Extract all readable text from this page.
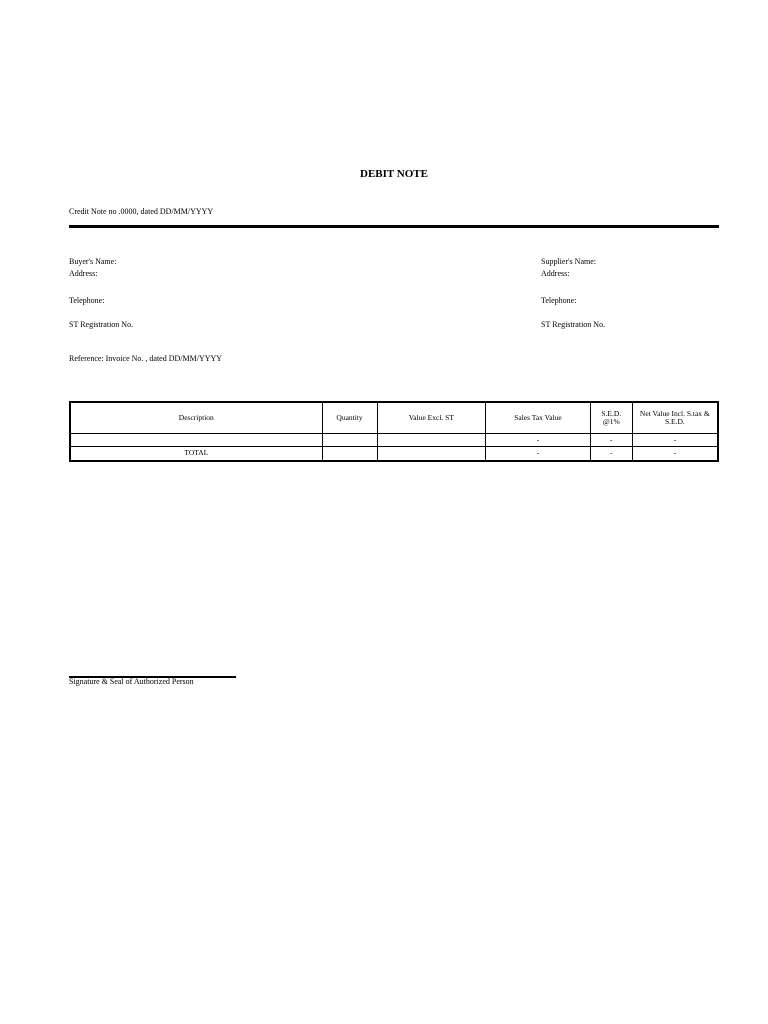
DEBIT NOTE
Credit Note no .0000, dated DD/MM/YYYY
Buyer's Name:
Address:
Telephone:
ST Registration No.
Supplier's Name:
Address:
Telephone:
ST Registration No.
Reference: Invoice No. , dated DD/MM/YYYY
Description	Quantity	Value Excl. ST	Sales Tax Value	S.E.D. @1%	Net Value Incl. S.tax & S.E.D.
			-	-	-
TOTAL			-	-	-
Signature & Seal of Authorized Person
